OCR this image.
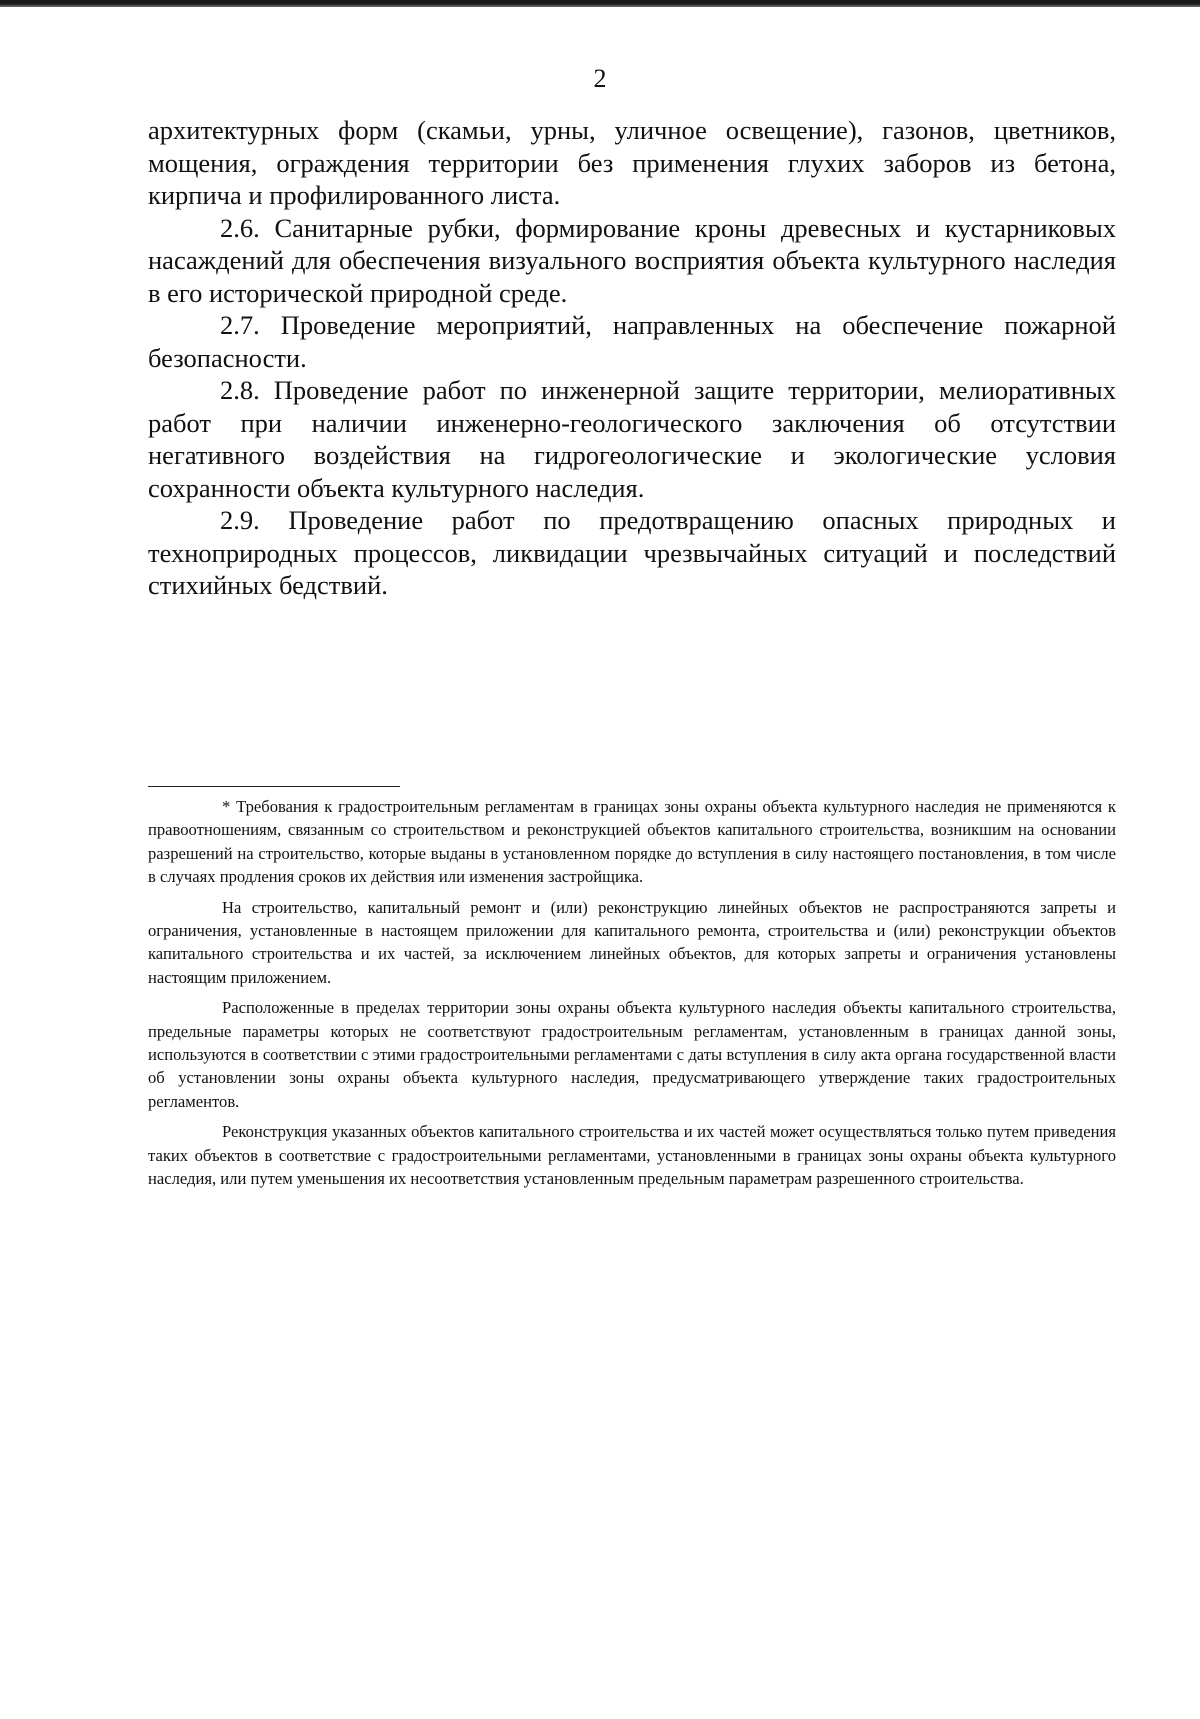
2

архитектурных форм (скамьи, урны, уличное освещение), газонов, цветников, мощения, ограждения территории без применения глухих заборов из бетона, кирпича и профилированного листа.

2.6. Санитарные рубки, формирование кроны древесных и кустарниковых насаждений для обеспечения визуального восприятия объекта культурного наследия в его исторической природной среде.

2.7. Проведение мероприятий, направленных на обеспечение пожарной безопасности.

2.8. Проведение работ по инженерной защите территории, мелиоративных работ при наличии инженерно-геологического заключения об отсутствии негативного воздействия на гидрогеологические и экологические условия сохранности объекта культурного наследия.

2.9. Проведение работ по предотвращению опасных природных и технoприродных процессов, ликвидации чрезвычайных ситуаций и последствий стихийных бедствий.

* Требования к градостроительным регламентам в границах зоны охраны объекта культурного наследия не применяются к правоотношениям, связанным со строительством и реконструкцией объектов капитального строительства, возникшим на основании разрешений на строительство, которые выданы в установленном порядке до вступления в силу настоящего постановления, в том числе в случаях продления сроков их действия или изменения застройщика.

На строительство, капитальный ремонт и (или) реконструкцию линейных объектов не распространяются запреты и ограничения, установленные в настоящем приложении для капитального ремонта, строительства и (или) реконструкции объектов капитального строительства и их частей, за исключением линейных объектов, для которых запреты и ограничения установлены настоящим приложением.

Расположенные в пределах территории зоны охраны объекта культурного наследия объекты капитального строительства, предельные параметры которых не соответствуют градостроительным регламентам, установленным в границах данной зоны, используются в соответствии с этими градостроительными регламентами с даты вступления в силу акта органа государственной власти об установлении зоны охраны объекта культурного наследия, предусматривающего утверждение таких градостроительных регламентов.

Реконструкция указанных объектов капитального строительства и их частей может осуществляться только путем приведения таких объектов в соответствие с градостроительными регламентами, установленными в границах зоны охраны объекта культурного наследия, или путем уменьшения их несоответствия установленным предельным параметрам разрешенного строительства.
